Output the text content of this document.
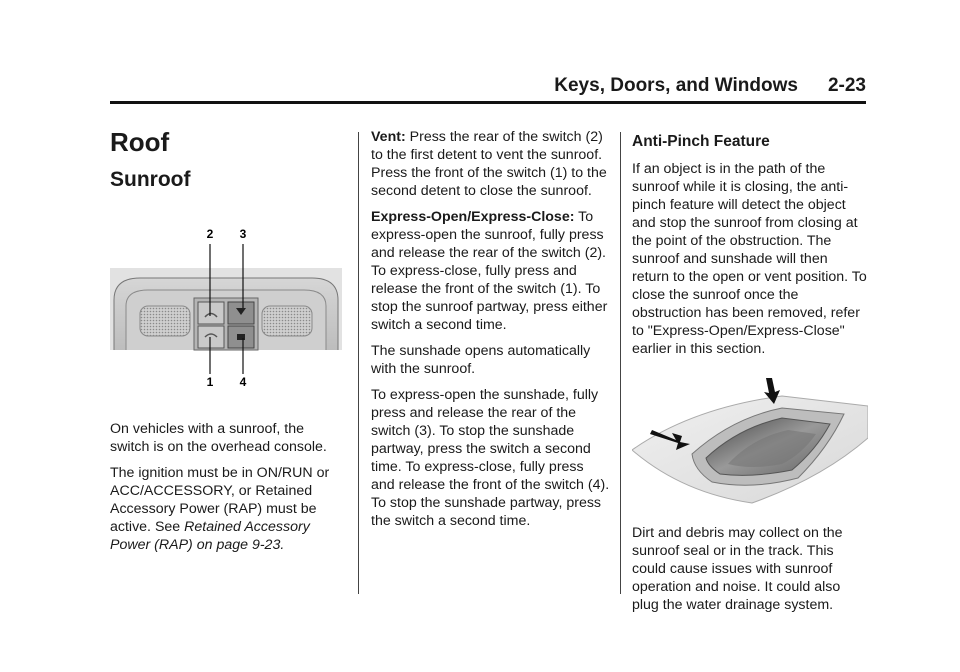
Keys, Doors, and Windows 2-23
Roof
Sunroof
2 3
1 4

On vehicles with a sunroof, the switch is on the overhead console.

The ignition must be in ON/RUN or ACC/ACCESSORY, or Retained Accessory Power (RAP) must be active. See Retained Accessory Power (RAP) on page 9-23.

Vent: Press the rear of the switch (2) to the first detent to vent the sunroof. Press the front of the switch (1) to the second detent to close the sunroof.

Express-Open/Express-Close: To express-open the sunroof, fully press and release the rear of the switch (2). To express-close, fully press and release the front of the switch (1). To stop the sunroof partway, press either switch a second time.

The sunshade opens automatically with the sunroof.

To express-open the sunshade, fully press and release the rear of the switch (3). To stop the sunshade partway, press the switch a second time. To express-close, fully press and release the front of the switch (4). To stop the sunshade partway, press the switch a second time.

Anti-Pinch Feature

If an object is in the path of the sunroof while it is closing, the anti-pinch feature will detect the object and stop the sunroof from closing at the point of the obstruction. The sunroof and sunshade will then return to the open or vent position. To close the sunroof once the obstruction has been removed, refer to "Express-Open/Express-Close" earlier in this section.

Dirt and debris may collect on the sunroof seal or in the track. This could cause issues with sunroof operation and noise. It could also plug the water drainage system.
